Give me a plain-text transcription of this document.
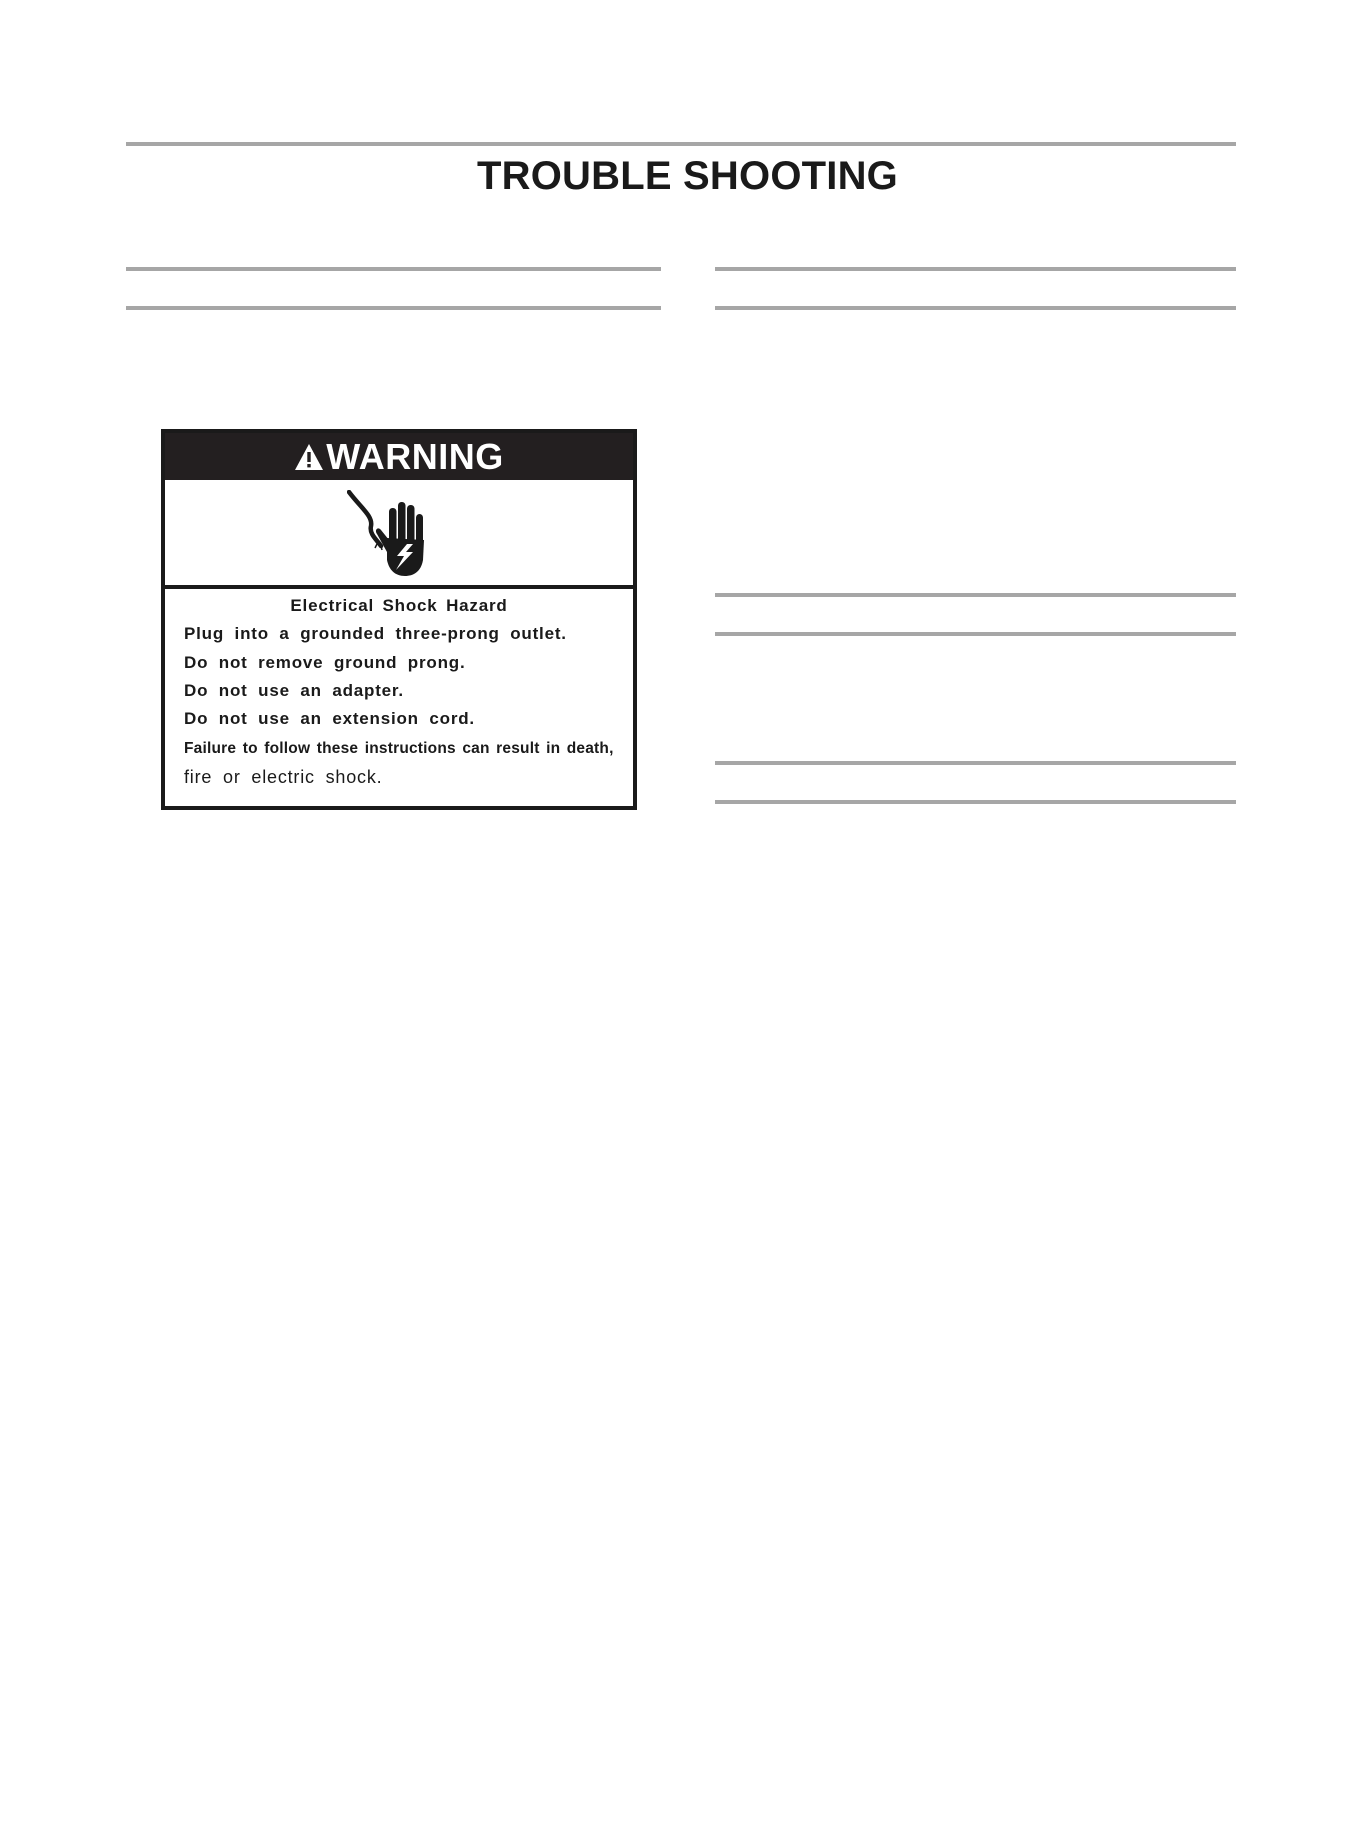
TROUBLE SHOOTING
WARNING
Electrical Shock Hazard
Plug into a grounded three-prong outlet.
Do not remove ground prong.
Do not use an adapter.
Do not use an extension cord.
Failure to follow these instructions can result in death,
fire or electric shock.
